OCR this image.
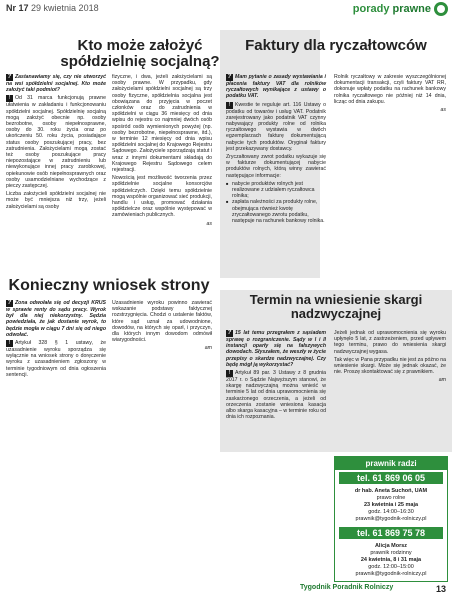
Nr 17 29 kwietnia 2018	porady prawne
Kto może założyć spółdzielnię socjalną?

? Zastanawiamy się, czy nie utworzyć na wsi spółdzielni socjalnej. Kto może założyć taki podmiot?

! Od 31 marca funkcjonują prawne ułatwienia w zakładaniu i funkcjonowaniu spółdzielni socjalnej. Spółdzielnię socjalną mogą założyć obecnie np. osoby bezrobotne, osoby niepełnosprawne, osoby do 30. roku życia oraz po ukończeniu 50. roku życia, posiadające status osoby poszukującej pracy, bez zatrudnienia. Założycielami mogą zostać też osoby poszukujące pracy niepozostające w zatrudnieniu lub niewykonujące innej pracy zarobkowej, opiekunowie osób niepełnosprawnych oraz osoby usamodzielniane wychodzące z pieczy zastępczej.

Liczba założycieli spółdzielni socjalnej nie może być mniejsza niż trzy, jeżeli założycielami są osoby

fizyczne, i dwa, jeżeli założycielami są osoby prawne. W przypadku, gdy założycielami spółdzielni socjalnej są trzy osoby fizyczne, spółdzielnia socjalna jest obowiązana do przyjęcia w poczet członków oraz do zatrudnienia w spółdzielni w ciągu 36 miesięcy od dnia wpisu do rejestru co najmniej dwóch osób spośród osób wymienionych powyżej (np. osoby bezrobotne, niepełnosprawne, itd.), w terminie 12 miesięcy od dnia wpisu spółdzielni socjalnej do Krajowego Rejestru Sądowego. Założyciele sporządzają statut i wraz z innymi dokumentami składają do Krajowego Rejestru Sądowego celem rejestracji.

Nowością jest możliwość tworzenia przez spółdzielnie socjalne konsorcjów spółdzielczych. Dzięki temu spółdzielnie mogą wspólnie organizować sieć produkcji, handlu i usług, promować działania spółdzielcze oraz wspólnie występować w zamówieniach publicznych.

as

Faktury dla ryczałtowców

? Mam pytanie o zasady wystawiania i płacenia faktury VAT dla rolników ryczałtowych wynikające z ustawy o podatku VAT.

! Kwestie te reguluje art. 116 Ustawy o podatku od towarów i usług VAT. Podatnik zarejestrowany jako podatnik VAT czynny nabywający produkty rolne od rolnika ryczałtowego wystawia w dwóch egzemplarzach fakturę dokumentującą nabycie tych produktów. Oryginał faktury jest przekazywany dostawcy.

Zryczałtowany zwrot podatku wykazuje się w fakturze dokumentującej nabycie produktów rolnych, którą winny zawierać następujące informacje:

■ nabycie produktów rolnych jest realizowane z udziałem ryczałtowca rolnika;
■ zapłata należności za produkty rolne, obejmująca również kwotę zryczałtowanego zwrotu podatku, następuje na rachunek bankowy rolnika.

Rolnik ryczałtowy w zakresie wyszczególnionej dokumentacji transakcji, czyli faktury VAT RR, dokonuje wpłaty podatku na rachunek bankowy rolnika ryczałtowego nie później niż 14 dnia, licząc od dnia zakupu.

as

Konieczny wniosek strony

? Zona odwołała się od decyzji KRUS w sprawie renty do sądu pracy. Wyrok był dla niej niekorzystny. Sędzia powiedziała, że jak dostanie wyrok, to będzie mogła w ciągu 7 dni się od niego odwołać.

! Artykuł 328 § 1 ustawy, że uzasadnienie wyroku sporządza się wyłącznie na wniosek strony o doręczenie wyroku z uzasadnieniem zgłoszony w terminie tygodniowym od dnia ogłoszenia sentencji.

Uzasadnienie wyroku powinno zawierać wskazanie podstawy faktycznej rozstrzygnięcia. Chodzi o ustalenie faktów, które sąd uznał za udowodnione, dowodów, na których się oparł, i przyczyn, dla których innym dowodom odmówił wiarygodności.

am

Termin na wniesienie skargi nadzwyczajnej

? 15 lat temu przegrałem z sąsiadem sprawę o rozgraniczenie. Sądy w I i II instancji oparły się na fałszywych dowodach. Słyszałem, że weszły w życie przepisy o skardze nadzwyczajnej. Czy będę mógł ją wykorzystać?

! Artykuł 89 par. 3 Ustawy z 8 grudnia 2017 r. o Sądzie Najwyższym stanowi, że skargę nadzwyczajną można wnieść w terminie 5 lat od dnia uprawomocnienia się zaskarżonego orzeczenia, a jeżeli od orzeczenia zostanie wniesiona kasacja albo skarga kasacyjna – w terminie roku od dnia ich rozpoznania.

Jeżeli jednak od uprawomocnienia się wyroku upłynęło 5 lat, z zastrzeżeniem, przed upływem tego terminu, prawo do wniesienia skargi nadzwyczajnej wygasa.

Tak więc w Pana przypadku nie jest za późno na wniesienie skargi. Może się jednak okazać, że nie. Proszę skontaktować się z prawnikiem.

am

prawnik radzi
tel. 61 869 06 05
dr hab. Aneta Suchoń, UAM
prawo rolne
23 kwietnia i 25 maja
godz. 14:00–16:30
prawnik@tygodnik-rolniczy.pl
tel. 61 869 75 78
Alicja Morsz
prawnik rodzinny
24 kwietnia, 8 i 31 maja
godz. 12:00–15:00
prawnik@tygodnik-rolniczy.pl
Tygodnik Poradnik Rolniczy	13
